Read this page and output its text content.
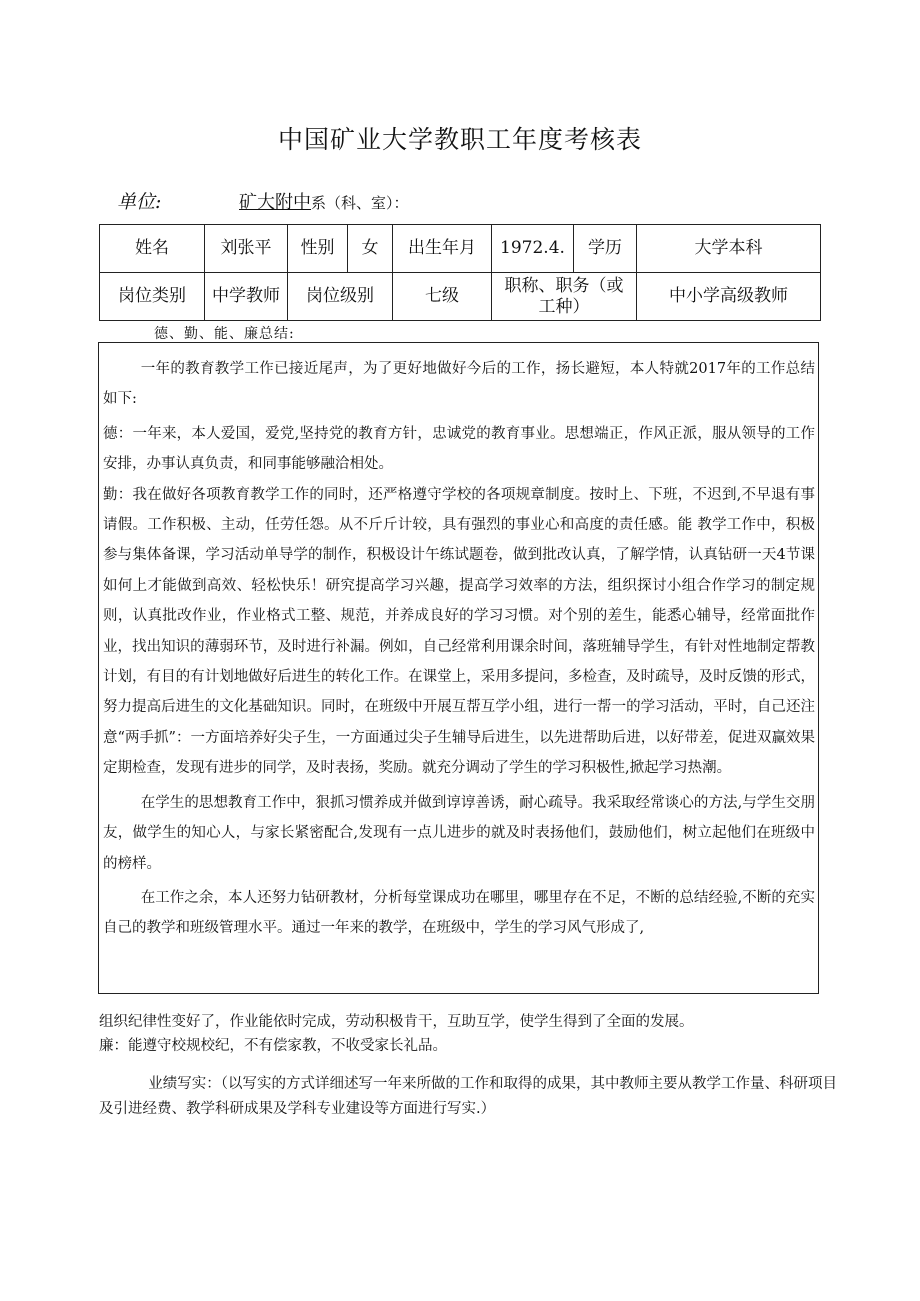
中国矿业大学教职工年度考核表
单位:	矿大附中系（科、室）：
姓名	刘张平	性别	女	出生年月	1972.4.	学历	大学本科
岗位类别	中学教师	岗位级别		七级	职称、职务（或工种）		中小学高级教师
德、勤、能、廉总结:

一年的教育教学工作已接近尾声，为了更好地做好今后的工作，扬长避短，本人特就2017年的工作总结如下:

德：一年来，本人爱国，爱党,坚持党的教育方针，忠诚党的教育事业。思想端正，作风正派，服从领导的工作安排，办事认真负责，和同事能够融洽相处。

勤：我在做好各项教育教学工作的同时，还严格遵守学校的各项规章制度。按时上、下班，不迟到,不早退有事请假。工作积极、主动，任劳任怨。从不斤斤计较，具有强烈的事业心和高度的责任感。能 教学工作中，积极参与集体备课，学习活动单导学的制作，积极设计午练试题卷，做到批改认真，了解学情，认真钻研一天4节课如何上才能做到高效、轻松快乐！研究提高学习兴趣，提高学习效率的方法，组织探讨小组合作学习的制定规则，认真批改作业，作业格式工整、规范，并养成良好的学习习惯。对个别的差生，能悉心辅导，经常面批作业，找出知识的薄弱环节，及时进行补漏。例如，自己经常利用课余时间，落班辅导学生，有针对性地制定帮教计划，有目的有计划地做好后进生的转化工作。在课堂上，采用多提问，多检查，及时疏导，及时反馈的形式，努力提高后进生的文化基础知识。同时，在班级中开展互帮互学小组，进行一帮一的学习活动，平时，自己还注意“两手抓”：一方面培养好尖子生，一方面通过尖子生辅导后进生，以先进帮助后进，以好带差，促进双赢效果 定期检查，发现有进步的同学，及时表扬，奖励。就充分调动了学生的学习积极性,掀起学习热潮。

在学生的思想教育工作中，狠抓习惯养成并做到谆谆善诱，耐心疏导。我采取经常谈心的方法,与学生交朋友，做学生的知心人，与家长紧密配合,发现有一点儿进步的就及时表扬他们，鼓励他们，树立起他们在班级中的榜样。

在工作之余，本人还努力钻研教材，分析每堂课成功在哪里，哪里存在不足，不断的总结经验,不断的充实自己的教学和班级管理水平。通过一年来的教学，在班级中，学生的学习风气形成了,

组织纪律性变好了，作业能依时完成，劳动积极肯干，互助互学，使学生得到了全面的发展。

廉：能遵守校规校纪，不有偿家教，不收受家长礼品。

业绩写实：（以写实的方式详细述写一年来所做的工作和取得的成果，其中教师主要从教学工作量、科研项目及引进经费、教学科研成果及学科专业建设等方面进行写实.）
